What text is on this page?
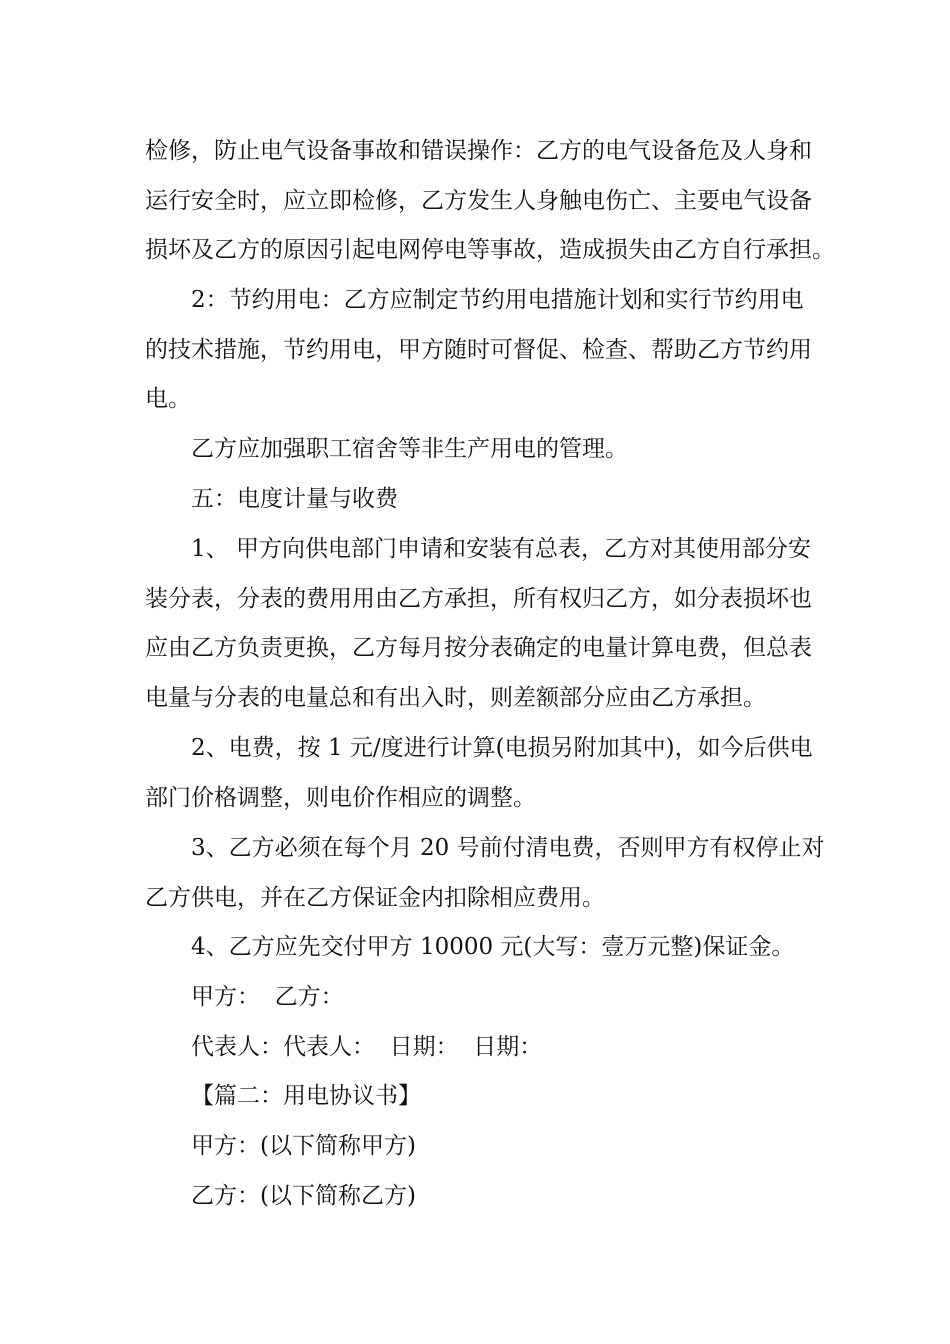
检修，防止电气设备事故和错误操作：乙方的电气设备危及人身和
运行安全时，应立即检修，乙方发生人身触电伤亡、主要电气设备
损坏及乙方的原因引起电网停电等事故，造成损失由乙方自行承担。
2：节约用电：乙方应制定节约用电措施计划和实行节约用电
的技术措施，节约用电，甲方随时可督促、检查、帮助乙方节约用
电。
乙方应加强职工宿舍等非生产用电的管理。
五：电度计量与收费
1、 甲方向供电部门申请和安装有总表，乙方对其使用部分安
装分表，分表的费用用由乙方承担，所有权归乙方，如分表损坏也
应由乙方负责更换，乙方每月按分表确定的电量计算电费，但总表
电量与分表的电量总和有出入时，则差额部分应由乙方承担。
2、电费，按 1 元/度进行计算(电损另附加其中)，如今后供电
部门价格调整，则电价作相应的调整。
3、乙方必须在每个月 20 号前付清电费，否则甲方有权停止对
乙方供电，并在乙方保证金内扣除相应费用。
4、乙方应先交付甲方 10000 元(大写：壹万元整)保证金。
甲方：  乙方：
代表人：代表人：  日期：  日期：
【篇二：用电协议书】
甲方：(以下简称甲方)
乙方：(以下简称乙方)
